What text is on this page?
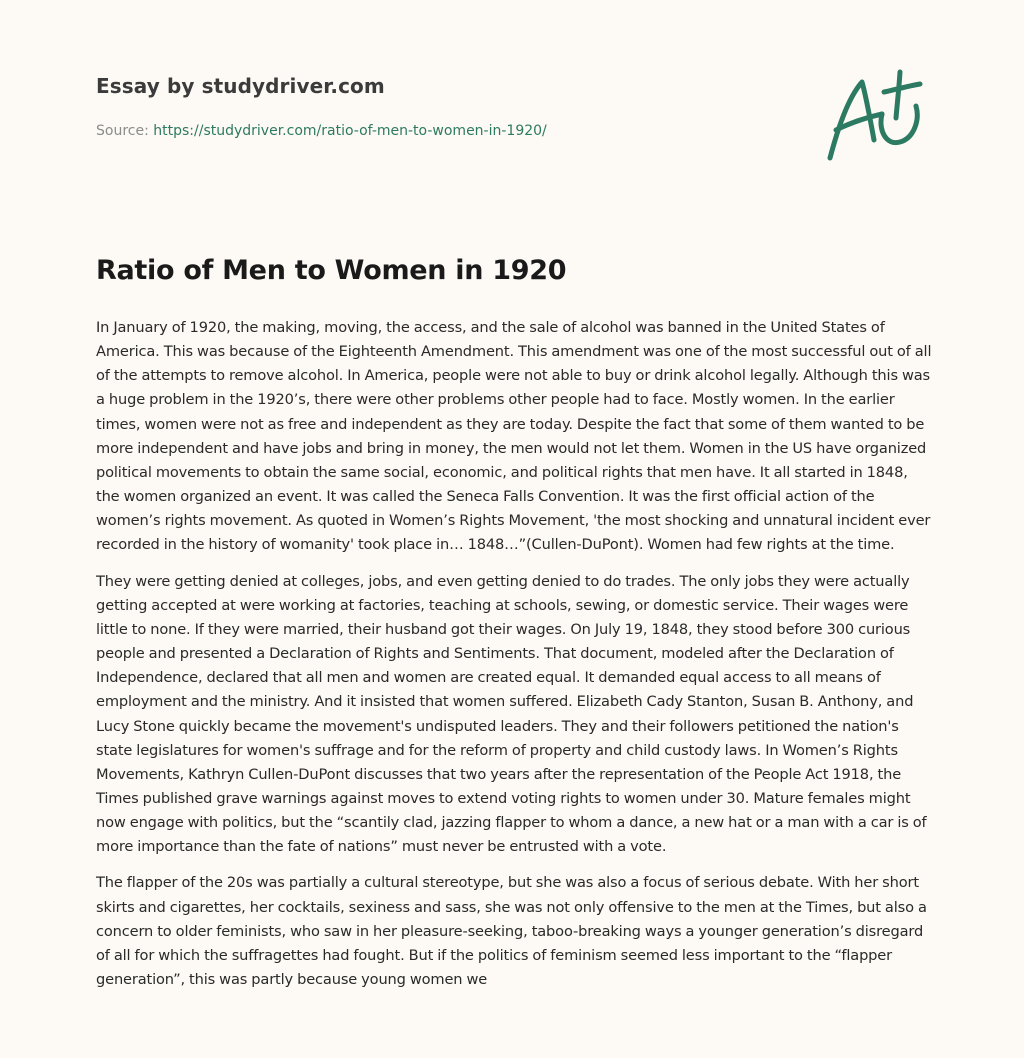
Essay by studydriver.com
Source: https://studydriver.com/ratio-of-men-to-women-in-1920/
Ratio of Men to Women in 1920

In January of 1920, the making, moving, the access, and the sale of alcohol was banned in the United States of America. This was because of the Eighteenth Amendment. This amendment was one of the most successful out of all of the attempts to remove alcohol. In America, people were not able to buy or drink alcohol legally. Although this was a huge problem in the 1920’s, there were other problems other people had to face. Mostly women. In the earlier times, women were not as free and independent as they are today. Despite the fact that some of them wanted to be more independent and have jobs and bring in money, the men would not let them. Women in the US have organized political movements to obtain the same social, economic, and political rights that men have. It all started in 1848, the women organized an event. It was called the Seneca Falls Convention. It was the first official action of the women’s rights movement. As quoted in Women’s Rights Movement, 'the most shocking and unnatural incident ever recorded in the history of womanity' took place in… 1848…”(Cullen-DuPont). Women had few rights at the time.

They were getting denied at colleges, jobs, and even getting denied to do trades. The only jobs they were actually getting accepted at were working at factories, teaching at schools, sewing, or domestic service. Their wages were little to none. If they were married, their husband got their wages. On July 19, 1848, they stood before 300 curious people and presented a Declaration of Rights and Sentiments. That document, modeled after the Declaration of Independence, declared that all men and women are created equal. It demanded equal access to all means of employment and the ministry. And it insisted that women suffered. Elizabeth Cady Stanton, Susan B. Anthony, and Lucy Stone quickly became the movement's undisputed leaders. They and their followers petitioned the nation's state legislatures for women's suffrage and for the reform of property and child custody laws. In Women’s Rights Movements, Kathryn Cullen-DuPont discusses that two years after the representation of the People Act 1918, the Times published grave warnings against moves to extend voting rights to women under 30. Mature females might now engage with politics, but the “scantily clad, jazzing flapper to whom a dance, a new hat or a man with a car is of more importance than the fate of nations” must never be entrusted with a vote.

The flapper of the 20s was partially a cultural stereotype, but she was also a focus of serious debate. With her short skirts and cigarettes, her cocktails, sexiness and sass, she was not only offensive to the men at the Times, but also a concern to older feminists, who saw in her pleasure-seeking, taboo-breaking ways a younger generation’s disregard of all for which the suffragettes had fought. But if the politics of feminism seemed less important to the “flapper generation”, this was partly because young women we
